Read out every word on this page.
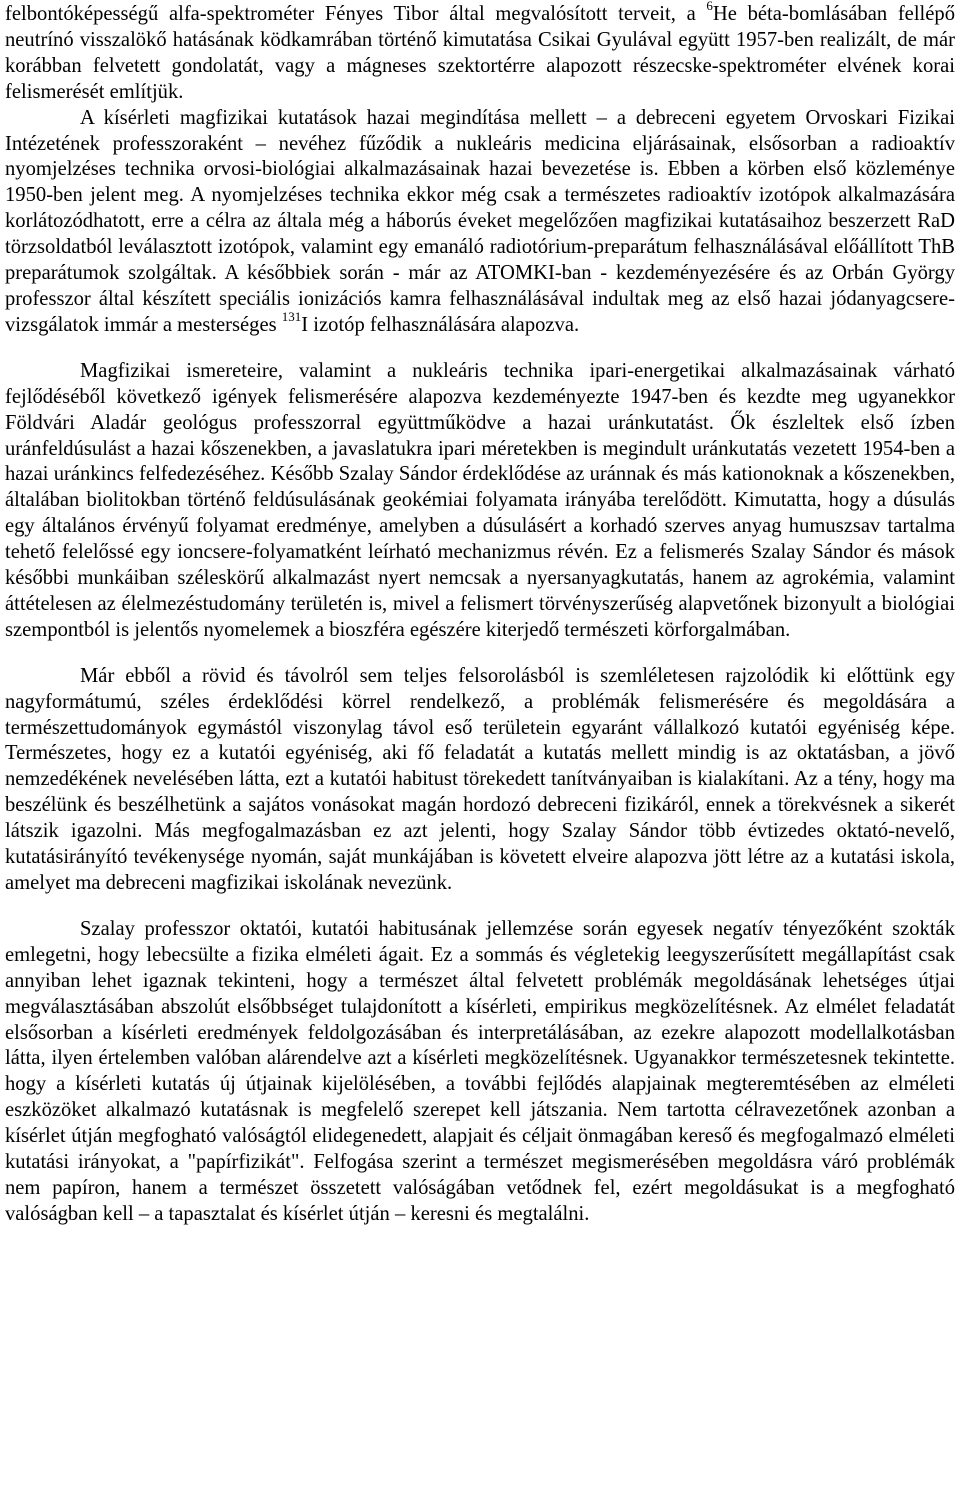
felbontóképességű alfa-spektrométer Fényes Tibor által megvalósított terveit, a $^6$He béta-bomlásában fellépő neutrínó visszalökő hatásának ködkamrában történő kimutatása Csikai Gyulával együtt 1957-ben realizált, de már korábban felvetett gondolatát, vagy a mágneses szektortérre alapozott részecske-spektrométer elvének korai felismerését említjük.

A kísérleti magfizikai kutatások hazai megindítása mellett – a debreceni egyetem Orvoskari Fizikai Intézetének professzoraként – nevéhez fűződik a nukleáris medicina eljárásainak, elsősorban a radioaktív nyomjelzéses technika orvosi-biológiai alkalmazásainak hazai bevezetése is. Ebben a körben első közleménye 1950-ben jelent meg. A nyomjelzéses technika ekkor még csak a természetes radioaktív izotópok alkalmazására korlátozódhatott, erre a célra az általa még a háborús éveket megelőzően magfizikai kutatásaihoz beszerzett RaD törzsoldatból leválasztott izotópok, valamint egy emanáló radiotórium-preparátum felhasználásával előállított ThB preparátumok szolgáltak. A későbbiek során - már az ATOMKI-ban - kezdeményezésére és az Orbán György professzor által készített speciális ionizációs kamra felhasználásával indultak meg az első hazai jódanyagcsere-vizsgálatok immár a mesterséges $^{131}$I izotóp felhasználására alapozva.

Magfizikai ismereteire, valamint a nukleáris technika ipari-energetikai alkalmazásainak várható fejlődéséből következő igények felismerésére alapozva kezdeményezte 1947-ben és kezdte meg ugyanekkor Földvári Aladár geológus professzorral együttműködve a hazai uránkutatást. Ők észleltek első ízben uránfeldúsulást a hazai kőszenekben, a javaslatukra ipari méretekben is megindult uránkutatás vezetett 1954-ben a hazai uránkincs felfedezéséhez. Később Szalay Sándor érdeklődése az uránnak és más kationoknak a kőszenekben, általában biolitokban történő feldúsulásának geokémiai folyamata irányába terelődött. Kimutatta, hogy a dúsulás egy általános érvényű folyamat eredménye, amelyben a dúsulásért a korhadó szerves anyag humuszsav tartalma tehető felelőssé egy ioncsere-folyamatként leírható mechanizmus révén. Ez a felismerés Szalay Sándor és mások későbbi munkáiban széleskörű alkalmazást nyert nemcsak a nyersanyagkutatás, hanem az agrokémia, valamint áttételesen az élelmezéstudomány területén is, mivel a felismert törvényszerűség alapvetőnek bizonyult a biológiai szempontból is jelentős nyomelemek a bioszféra egészére kiterjedő természeti körforgalmában.

Már ebből a rövid és távolról sem teljes felsorolásból is szemléletesen rajzolódik ki előttünk egy nagyformátumú, széles érdeklődési körrel rendelkező, a problémák felismerésére és megoldására a természettudományok egymástól viszonylag távol eső területein egyaránt vállalkozó kutatói egyéniség képe. Természetes, hogy ez a kutatói egyéniség, aki fő feladatát a kutatás mellett mindig is az oktatásban, a jövő nemzedékének nevelésében látta, ezt a kutatói habitust törekedett tanítványaiban is kialakítani. Az a tény, hogy ma beszélünk és beszélhetünk a sajátos vonásokat magán hordozó debreceni fizikáról, ennek a törekvésnek a sikerét látszik igazolni. Más megfogalmazásban ez azt jelenti, hogy Szalay Sándor több évtizedes oktató-nevelő, kutatásirányító tevékenysége nyomán, saját munkájában is követett elveire alapozva jött létre az a kutatási iskola, amelyet ma debreceni magfizikai iskolának nevezünk.

Szalay professzor oktatói, kutatói habitusának jellemzése során egyesek negatív tényezőként szokták emlegetni, hogy lebecsülte a fizika elméleti ágait. Ez a sommás és végletekig leegyszerűsített megállapítást csak annyiban lehet igaznak tekinteni, hogy a természet által felvetett problémák megoldásának lehetséges útjai megválasztásában abszolút elsőbbséget tulajdonított a kísérleti, empirikus megközelítésnek. Az elmélet feladatát elsősorban a kísérleti eredmények feldolgozásában és interpretálásában, az ezekre alapozott modellalkotásban látta, ilyen értelemben valóban alárendelve azt a kísérleti megközelítésnek. Ugyanakkor természetesnek tekintette. hogy a kísérleti kutatás új útjainak kijelölésében, a további fejlődés alapjainak megteremtésében az elméleti eszközöket alkalmazó kutatásnak is megfelelő szerepet kell játszania. Nem tartotta célravezetőnek azonban a kísérlet útján megfogható valóságtól elidegenedett, alapjait és céljait önmagában kereső és megfogalmazó elméleti kutatási irányokat, a "papírfizikát". Felfogása szerint a természet megismerésében megoldásra váró problémák nem papíron, hanem a természet összetett valóságában vetődnek fel, ezért megoldásukat is a megfogható valóságban kell – a tapasztalat és kísérlet útján – keresni és megtalálni.
